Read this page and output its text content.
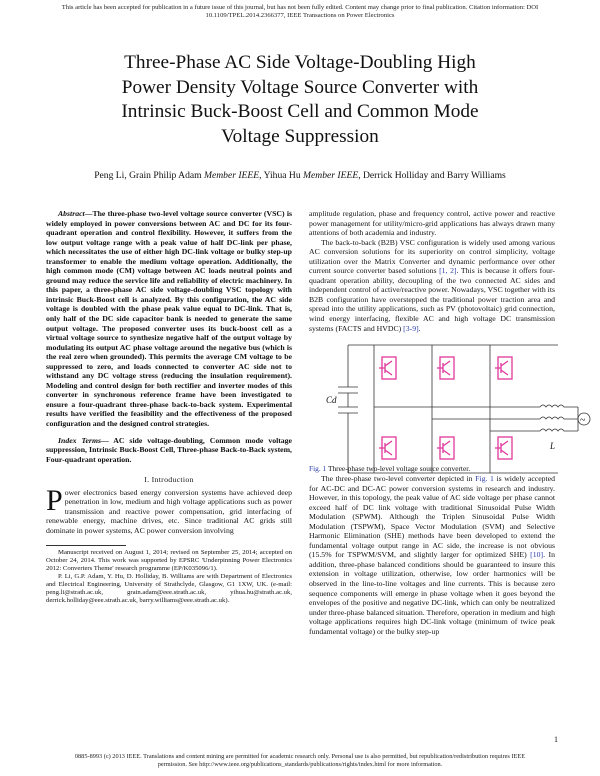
This article has been accepted for publication in a future issue of this journal, but has not been fully edited. Content may change prior to final publication. Citation information: DOI
10.1109/TPEL.2014.2366377, IEEE Transactions on Power Electronics
Three-Phase AC Side Voltage-Doubling High
Power Density Voltage Source Converter with
Intrinsic Buck-Boost Cell and Common Mode
Voltage Suppression
Peng Li, Grain Philip Adam Member IEEE, Yihua Hu Member IEEE, Derrick Holliday and Barry Williams

Abstract—The three-phase two-level voltage source converter (VSC) is widely employed in power conversions between AC and DC for its four-quadrant operation and control flexibility. However, it suffers from the low output voltage range with a peak value of half DC-link per phase, which necessitates the use of either high DC-link voltage or bulky step-up transformer to enable the medium voltage operation. Additionally, the high common mode (CM) voltage between AC loads neutral points and ground may reduce the service life and reliability of electric machinery. In this paper, a three-phase AC side voltage-doubling VSC topology with intrinsic Buck-Boost cell is analyzed. By this configuration, the AC side voltage is doubled with the phase peak value equal to DC-link. That is, only half of the DC side capacitor bank is needed to generate the same output voltage. The proposed converter uses its buck-boost cell as a virtual voltage source to synthesize negative half of the output voltage by modulating its output AC phase voltage around the negative bus (which is the real zero when grounded). This permits the average CM voltage to be suppressed to zero, and loads connected to converter AC side not to withstand any DC voltage stress (reducing the insulation requirement). Modeling and control design for both rectifier and inverter modes of this converter in synchronous reference frame have been investigated to ensure a four-quadrant three-phase back-to-back system. Experimental results have verified the feasibility and the effectiveness of the proposed configuration and the designed control strategies.

Index Terms— AC side voltage-doubling, Common mode voltage suppression, Intrinsic Buck-Boost Cell, Three-phase Back-to-Back system, Four-quadrant operation.

I. Introduction

Power electronics based energy conversion systems have achieved deep penetration in low, medium and high voltage applications such as power transmission and reactive power compensation, grid interfacing of renewable energy, machine drives, etc. Since traditional AC grids still dominate in power systems, AC power conversion involving

Manuscript received on August 1, 2014; revised on September 25, 2014; accepted on October 24, 2014. This work was supported by EPSRC 'Underpinning Power Electronics 2012: Converters Theme' research programme (EP/K035096/1).

P. Li, G.P. Adam, Y. Hu, D. Holliday, B. Williams are with Department of Electronics and Electrical Engineering, University of Strathclyde, Glasgow, G1 1XW, UK. (e-mail: peng.li@strath.ac.uk, grain.adam@eee.strath.ac.uk, yihua.hu@strath.ac.uk, derrick.holliday@eee.strath.ac.uk, barry.williams@eee.strath.ac.uk).

amplitude regulation, phase and frequency control, active power and reactive power management for utility/micro-grid applications has always drawn many attentions of both academia and industry.

The back-to-back (B2B) VSC configuration is widely used among various AC conversion solutions for its superiority on control simplicity, voltage utilization over the Matrix Converter and dynamic performance over other current source converter based solutions [1, 2]. This is because it offers four-quadrant operation ability, decoupling of the two connected AC sides and independent control of active/reactive power. Nowadays, VSC together with its B2B configuration have overstepped the traditional power traction area and spread into the utility applications, such as PV (photovoltaic) grid connection, wind energy interfacing, flexible AC and high voltage DC transmission systems (FACTS and HVDC) [3-9].

Cd
L
~

Fig. 1 Three-phase two-level voltage source converter.

The three-phase two-level converter depicted in Fig. 1 is widely accepted for AC-DC and DC-AC power conversion systems in research and industry. However, in this topology, the peak value of AC side voltage per phase cannot exceed half of DC link voltage with traditional Sinusoidal Pulse Width Modulation (SPWM). Although the Triplen Sinusoidal Pulse Width Modulation (TSPWM), Space Vector Modulation (SVM) and Selective Harmonic Elimination (SHE) methods have been developed to extend the fundamental voltage output range in AC side, the increase is not obvious (15.5% for TSPWM/SVM, and slightly larger for optimized SHE) [10]. In addition, three-phase balanced conditions should be guaranteed to insure this extension in voltage utilization, otherwise, low order harmonics will be observed in the line-to-line voltages and line currents. This is because zero sequence components will emerge in phase voltage when it goes beyond the envelopes of the positive and negative DC-link, which can only be neutralized under three-phase balanced situation. Therefore, operation in medium and high voltage applications requires high DC-link voltage (minimum of twice peak fundamental voltage) or the bulky step-up

1
0885-8993 (c) 2013 IEEE. Translations and content mining are permitted for academic research only. Personal use is also permitted, but republication/redistribution requires IEEE
permission. See http://www.ieee.org/publications_standards/publications/rights/index.html for more information.
